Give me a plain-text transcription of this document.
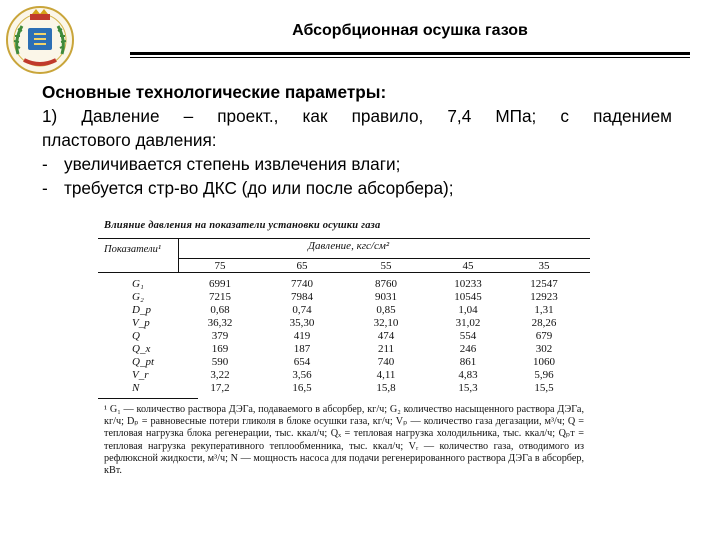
Абсорбционная осушка газов

Основные технологические параметры:

1) Давление – проект., как правило, 7,4 МПа; с падением

пластового давления:

- увеличивается степень извлечения влаги;
- требуется стр-во ДКС (до или после абсорбера);
Влияние давления на показатели установки осушки газа
Показатели¹	Давление, кгс/см²
75	65	55	45	35
G₁	6991	7740	8760	10233	12547
G₂	7215	7984	9031	10545	12923
D_p	0,68	0,74	0,85	1,04	1,31
V_p	36,32	35,30	32,10	31,02	28,26
Q	379	419	474	554	679
Q_x	169	187	211	246	302
Q_pt	590	654	740	861	1060
V_r	3,22	3,56	4,11	4,83	5,96
N	17,2	16,5	15,8	15,3	15,5

¹ G₁ — количество раствора ДЭГа, подаваемого в абсорбер, кг/ч; G₂ количество насыщенного раствора ДЭГа, кг/ч; Dₚ = равновесные потери гликоля в блоке осушки газа, кг/ч; Vₚ — количество газа дегазации, м³/ч; Q = тепловая нагрузка блока регенерации, тыс. ккал/ч; Qₓ = тепловая нагрузка холодильника, тыс. ккал/ч; Qₚт = тепловая нагрузка рекуперативного теплообменника, тыс. ккал/ч; Vᵣ — количество газа, отводимого из рефлюксной жидкости, м³/ч; N — мощность насоса для подачи регенерированного раствора ДЭГа в абсорбер, кВт.
